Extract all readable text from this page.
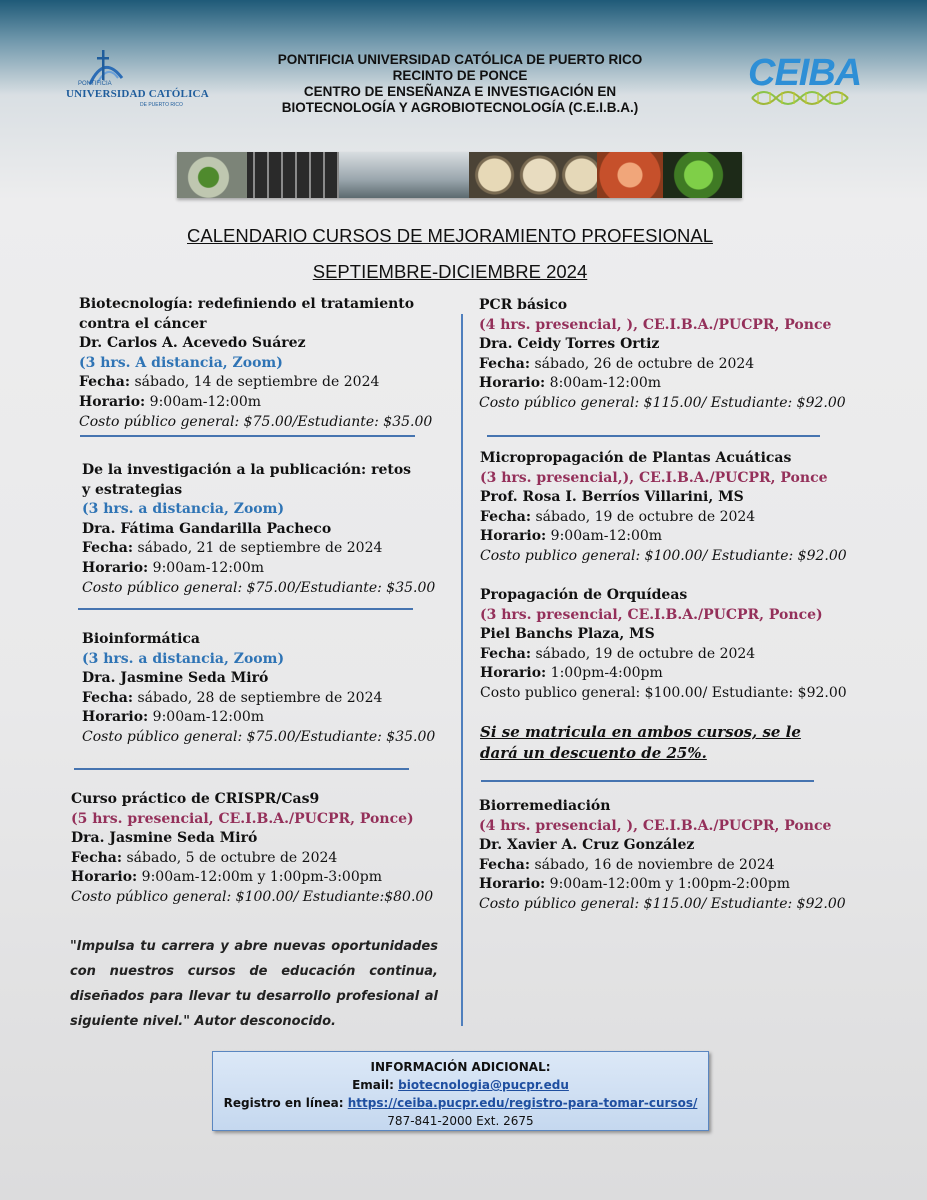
PONTIFICIA
UNIVERSIDAD CATÓLICA
DE PUERTO RICO
PONTIFICIA UNIVERSIDAD CATÓLICA DE PUERTO RICO
RECINTO DE PONCE
CENTRO DE ENSEÑANZA E INVESTIGACIÓN EN
BIOTECNOLOGÍA Y AGROBIOTECNOLOGÍA (C.E.I.B.A.)
CEIBA
CALENDARIO CURSOS DE MEJORAMIENTO PROFESIONAL
SEPTIEMBRE-DICIEMBRE 2024
Biotecnología: redefiniendo el tratamiento contra el cáncer
Dr. Carlos A. Acevedo Suárez
(3 hrs. A distancia, Zoom)
Fecha: sábado, 14 de septiembre de 2024
Horario: 9:00am-12:00m
Costo público general: $75.00/Estudiante: $35.00
De la investigación a la publicación: retos y estrategias
(3 hrs. a distancia, Zoom)
Dra. Fátima Gandarilla Pacheco
Fecha: sábado, 21 de septiembre de 2024
Horario: 9:00am-12:00m
Costo público general: $75.00/Estudiante: $35.00
Bioinformática
(3 hrs. a distancia, Zoom)
Dra. Jasmine Seda Miró
Fecha: sábado, 28 de septiembre de 2024
Horario: 9:00am-12:00m
Costo público general: $75.00/Estudiante: $35.00
Curso práctico de CRISPR/Cas9
(5 hrs. presencial, CE.I.B.A./PUCPR, Ponce)
Dra. Jasmine Seda Miró
Fecha: sábado, 5 de octubre de 2024
Horario: 9:00am-12:00m y 1:00pm-3:00pm
Costo público general: $100.00/ Estudiante:$80.00
"Impulsa tu carrera y abre nuevas oportunidades con nuestros cursos de educación continua, diseñados para llevar tu desarrollo profesional al siguiente nivel." Autor desconocido.
PCR básico
(4 hrs. presencial, ), CE.I.B.A./PUCPR, Ponce
Dra. Ceidy Torres Ortiz
Fecha: sábado, 26 de octubre de 2024
Horario: 8:00am-12:00m
Costo público general: $115.00/ Estudiante: $92.00
Micropropagación de Plantas Acuáticas
(3 hrs. presencial,), CE.I.B.A./PUCPR, Ponce
Prof. Rosa I. Berríos Villarini, MS
Fecha: sábado, 19 de octubre de 2024
Horario: 9:00am-12:00m
Costo publico general: $100.00/ Estudiante: $92.00
Propagación de Orquídeas
(3 hrs. presencial, CE.I.B.A./PUCPR, Ponce)
Piel Banchs Plaza, MS
Fecha: sábado, 19 de octubre de 2024
Horario: 1:00pm-4:00pm
Costo publico general: $100.00/ Estudiante: $92.00
Si se matricula en ambos cursos, se le dará un descuento de 25%.
Biorremediación
(4 hrs. presencial, ), CE.I.B.A./PUCPR, Ponce
Dr. Xavier A. Cruz González
Fecha: sábado, 16 de noviembre de 2024
Horario: 9:00am-12:00m y 1:00pm-2:00pm
Costo público general: $115.00/ Estudiante: $92.00
INFORMACIÓN ADICIONAL:
Email: biotecnologia@pucpr.edu
Registro en línea: https://ceiba.pucpr.edu/registro-para-tomar-cursos/
787-841-2000 Ext. 2675
